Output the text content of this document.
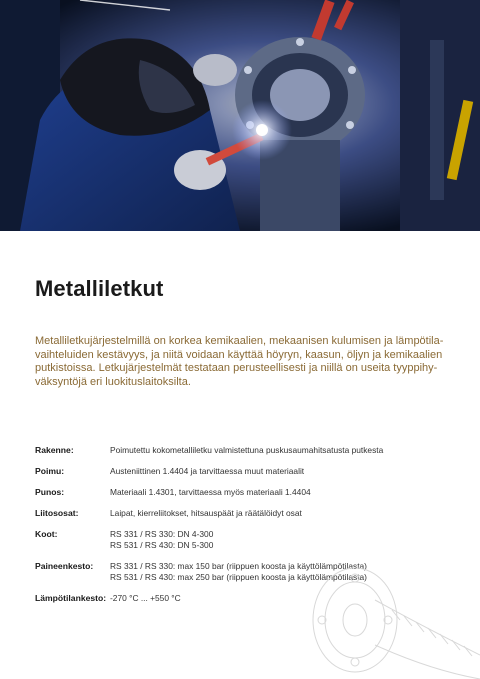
Metalliletkut

Metalliletkujärjestelmillä on korkea kemikaalien, mekaanisen kulumisen ja lämpötila-
vaihteluiden kestävyys, ja niitä voidaan käyttää höyryn, kaasun, öljyn ja kemikaalien
putkistoissa. Letkujärjestelmät testataan perusteellisesti ja niillä on useita tyyppihy-
väksyntöjä eri luokituslaitoksilta.

Rakenne:	Poimutettu kokometalliletku valmistettuna puskusaumahitsatusta putkesta
Poimu:	Austeniittinen 1.4404 ja tarvittaessa muut materiaalit
Punos:	Materiaali 1.4301, tarvittaessa myös materiaali 1.4404
Liitososat:	Laipat, kierreliitokset, hitsauspäät ja räätälöidyt osat
Koot:	RS 331 / RS 330: DN 4-300
RS 531 / RS 430: DN 5-300
Paineenkesto: RS 331 / RS 330: max 150 bar (riippuen koosta ja käyttölämpötilasta)
RS 531 / RS 430: max 250 bar (riippuen koosta ja käyttölämpötilasta)
Lämpötilankesto: -270 °C ... +550 °C
